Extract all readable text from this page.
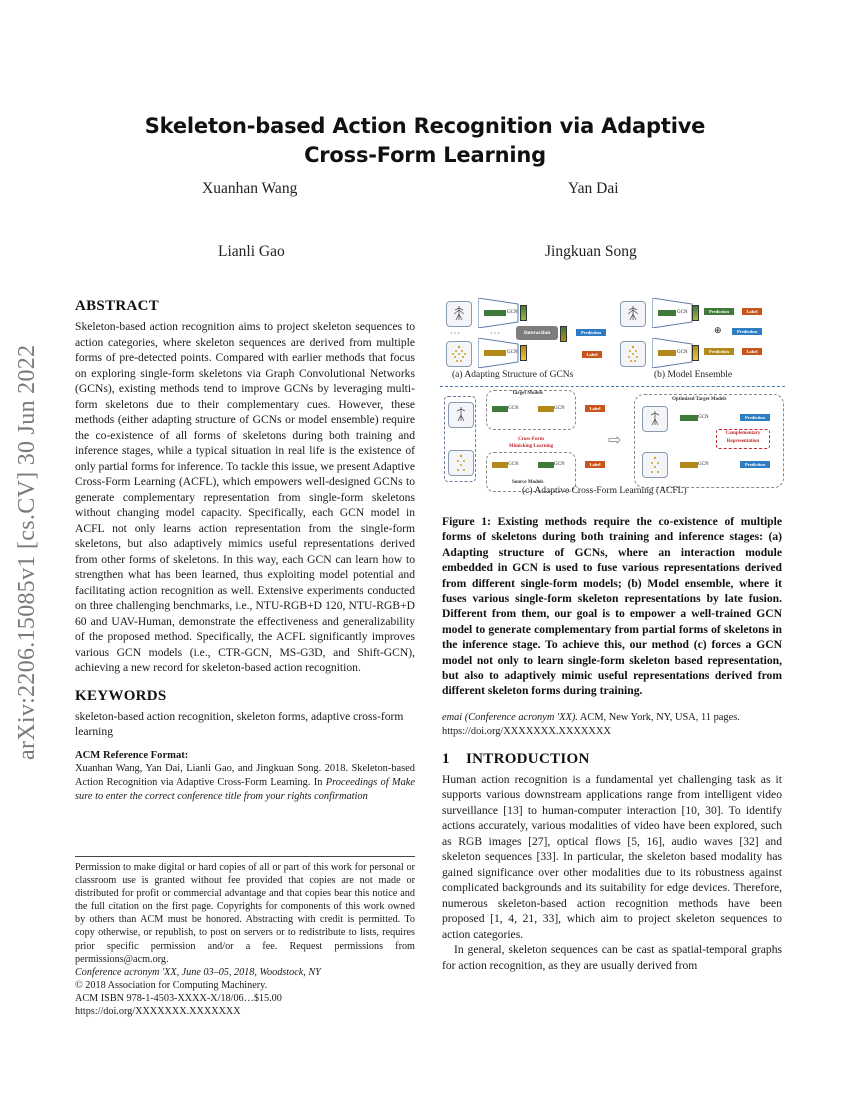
Skeleton-based Action Recognition via Adaptive
Cross-Form Learning
Xuanhan Wang	Yan Dai
Lianli Gao	Jingkuan Song
arXiv:2206.15085v1 [cs.CV] 30 Jun 2022
ABSTRACT
Skeleton-based action recognition aims to project skeleton sequences to action categories, where skeleton sequences are derived from multiple forms of pre-detected points. Compared with earlier methods that focus on exploring single-form skeletons via Graph Convolutional Networks (GCNs), existing methods tend to improve GCNs by leveraging multi-form skeletons due to their complementary cues. However, these methods (either adapting structure of GCNs or model ensemble) require the co-existence of all forms of skeletons during both training and inference stages, while a typical situation in real life is the existence of only partial forms for inference. To tackle this issue, we present Adaptive Cross-Form Learning (ACFL), which empowers well-designed GCNs to generate complementary representation from single-form skeletons without changing model capacity. Specifically, each GCN model in ACFL not only learns action representation from the single-form skeletons, but also adaptively mimics useful representations derived from other forms of skeletons. In this way, each GCN can learn how to strengthen what has been learned, thus exploiting model potential and facilitating action recognition as well. Extensive experiments conducted on three challenging benchmarks, i.e., NTU-RGB+D 120, NTU-RGB+D 60 and UAV-Human, demonstrate the effectiveness and generalizability of the proposed method. Specifically, the ACFL significantly improves various GCN models (i.e., CTR-GCN, MS-G3D, and Shift-GCN), achieving a new record for skeleton-based action recognition.
KEYWORDS
skeleton-based action recognition, skeleton forms, adaptive cross-form learning
ACM Reference Format:
Xuanhan Wang, Yan Dai, Lianli Gao, and Jingkuan Song. 2018. Skeleton-based Action Recognition via Adaptive Cross-Form Learning. In Proceedings of Make sure to enter the correct conference title from your rights confirmation
Permission to make digital or hard copies of all or part of this work for personal or classroom use is granted without fee provided that copies are not made or distributed for profit or commercial advantage and that copies bear this notice and the full citation on the first page. Copyrights for components of this work owned by others than ACM must be honored. Abstracting with credit is permitted. To copy otherwise, or republish, to post on servers or to redistribute to lists, requires prior specific permission and/or a fee. Request permissions from permissions@acm.org.
Conference acronym 'XX, June 03–05, 2018, Woodstock, NY
© 2018 Association for Computing Machinery.
ACM ISBN 978-1-4503-XXXX-X/18/06…$15.00
https://doi.org/XXXXXXX.XXXXXXX
···
GCN
···
GCN
Interaction	Prediction
Label
(a) Adapting Structure of GCNs
GCN
GCN
Prediction	Label
⊕	Prediction
Prediction	Label
(b) Model Ensemble
Target Models
GCN	GCN	Label
Cross-Form
Mimicking Learning
GCN	GCN	Label
Source Models
⇨
Optimized Target Models
GCN	Prediction
Complementary
Representation
GCN	Prediction
(c) Adaptive Cross-Form Learning (ACFL)
Figure 1: Existing methods require the co-existence of multiple forms of skeletons during both training and inference stages: (a) Adapting structure of GCNs, where an interaction module embedded in GCN is used to fuse various representations derived from different single-form models; (b) Model ensemble, where it fuses various single-form skeleton representations by late fusion. Different from them, our goal is to empower a well-trained GCN model to generate complementary from partial forms of skeletons in the inference stage. To achieve this, our method (c) forces a GCN model not only to learn single-form skeleton based representation, but also to adaptively mimic useful representations derived from different skeleton forms during training.
emai (Conference acronym 'XX). ACM, New York, NY, USA, 11 pages. https://doi.org/XXXXXXX.XXXXXXX
1 INTRODUCTION
Human action recognition is a fundamental yet challenging task as it supports various downstream applications range from intelligent video surveillance [13] to human-computer interaction [10, 30]. To identify actions accurately, various modalities of video have been explored, such as RGB images [27], optical flows [5, 16], audio waves [32] and skeleton sequences [33]. In particular, the skeleton based modality has gained significance over other modalities due to its robustness against complicated backgrounds and its suitability for edge devices. Therefore, numerous skeleton-based action recognition methods have been proposed [1, 4, 21, 33], which aim to project skeleton sequences to action categories.
In general, skeleton sequences can be cast as spatial-temporal graphs for action recognition, as they are usually derived from
